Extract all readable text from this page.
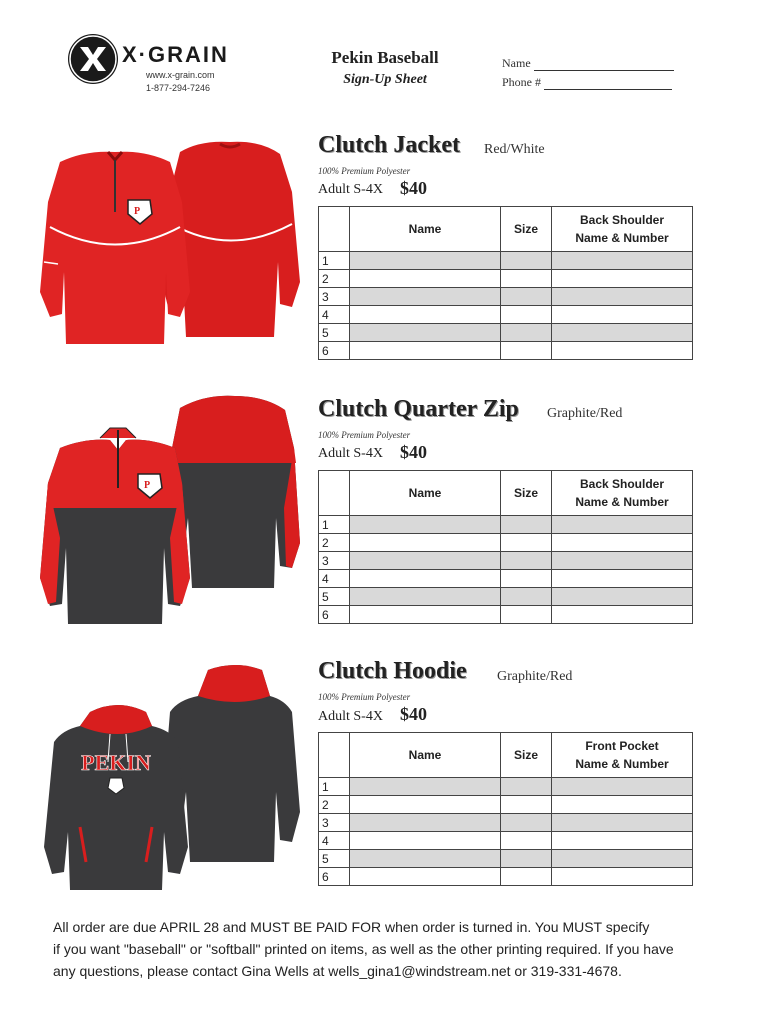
X·GRAIN
www.x-grain.com
1-877-294-7246
Pekin Baseball
Sign-Up Sheet
Name
Phone #
P
Clutch Jacket Red/White
100% Premium Polyester
Adult S-4X $40
	Name	Size	Back Shoulder
Name & Number
1			
2			
3			
4			
5			
6			
P
Clutch Quarter Zip Graphite/Red
100% Premium Polyester
Adult S-4X $40
	Name	Size	Back Shoulder
Name & Number
1			
2			
3			
4			
5			
6			
PEKIN
Clutch Hoodie Graphite/Red
100% Premium Polyester
Adult S-4X $40
	Name	Size	Front Pocket
Name & Number
1			
2			
3			
4			
5			
6			
All order are due APRIL 28 and MUST BE PAID FOR when order is turned in. You MUST specify
if you want "baseball" or "softball" printed on items, as well as the other printing required. If you have
any questions, please contact Gina Wells at wells_gina1@windstream.net or 319-331-4678.
